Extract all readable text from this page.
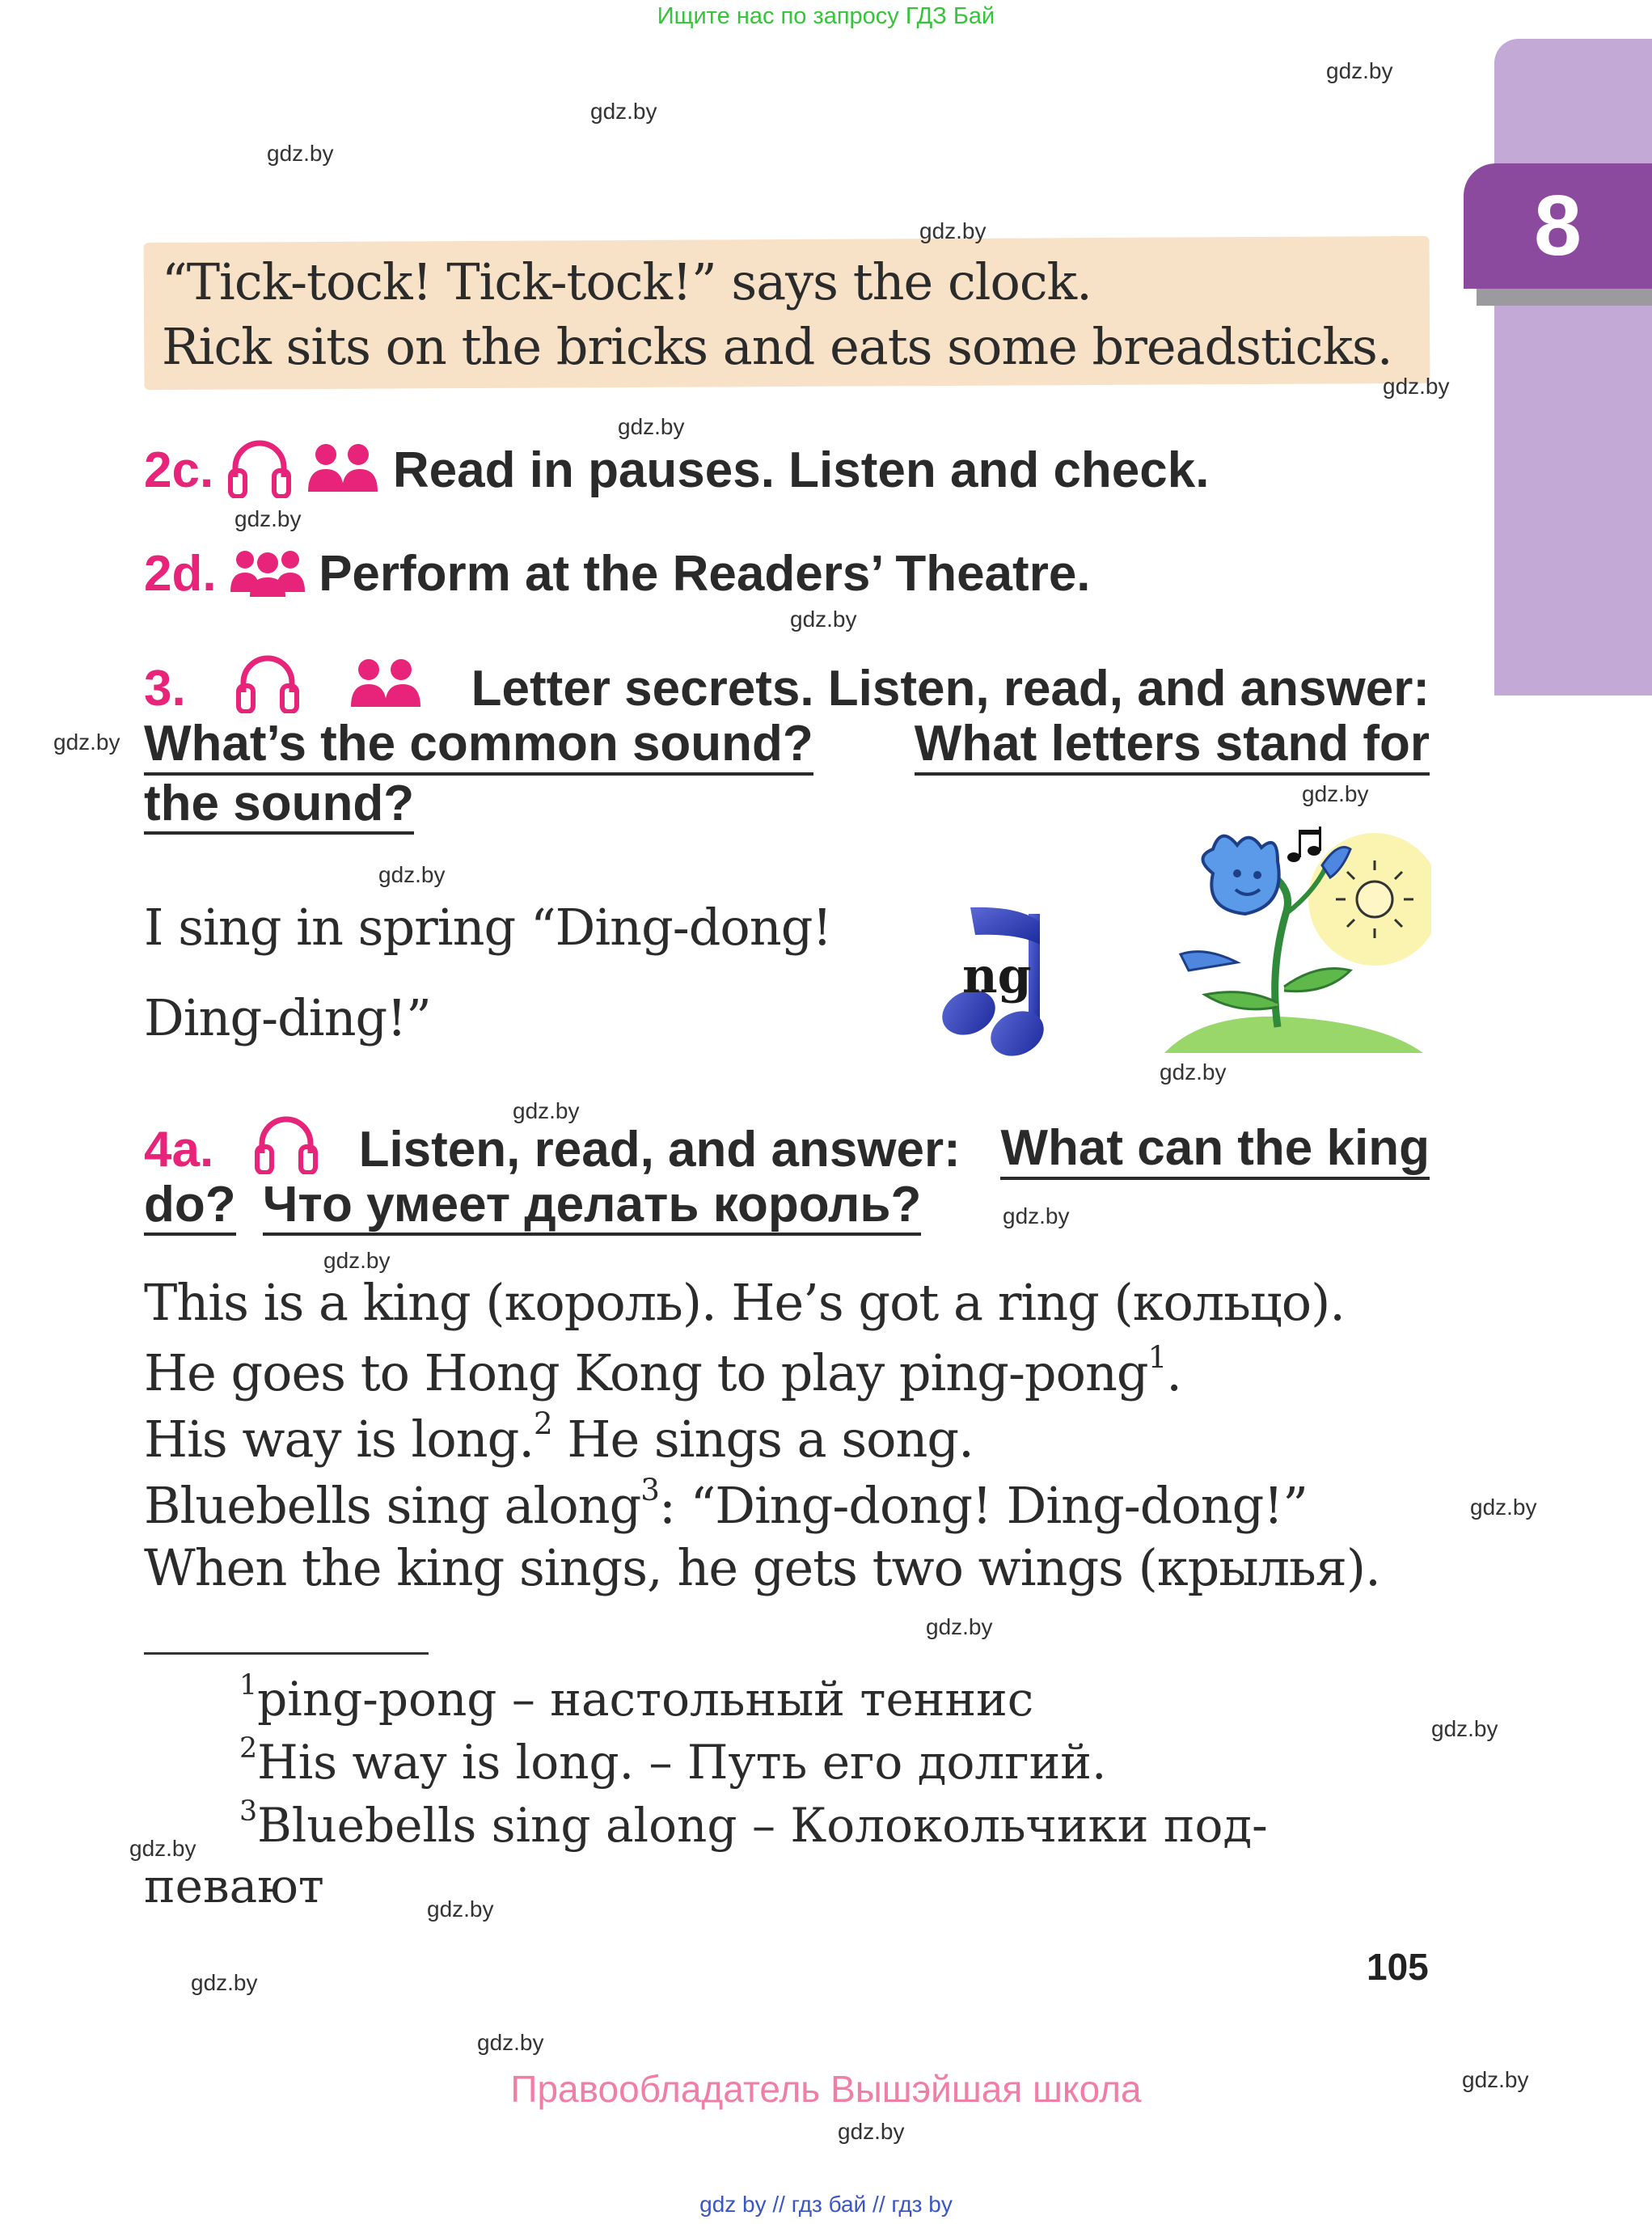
Ищите нас по запросу ГДЗ Бай
8
“Tick-tock! Tick-tock!” says the clock.
Rick sits on the bricks and eats some breadsticks.
2c.	Read in pauses. Listen and check.
2d. Perform at the Readers’ Theatre.
3.	Letter secrets. Listen, read, and answer:
What’s the common sound? What letters stand for
the sound?
I sing in spring “Ding-dong!
Ding-ding!”
ng
4a.	Listen, read, and answer: What can the king
do? Что умеет делать король?
This is a king (король). He’s got a ring (кольцо).
He goes to Hong Kong to play ping-pong$^1$.
His way is long.$^2$ He sings a song.
Bluebells sing along$^3$: “Ding-dong! Ding-dong!”
When the king sings, he gets two wings (крылья).
$^1$ping-pong – настольный теннис
$^2$His way is long. – Путь его долгий.
$^3$Bluebells sing along – Колокольчики под-
певают
105
Правообладатель Вышэйшая школа
gdz by // гдз бай // гдз by
gdz.by
gdz.by
gdz.by
gdz.by
gdz.by
gdz.by
gdz.by
gdz.by
gdz.by
gdz.by
gdz.by
gdz.by
gdz.by
gdz.by
gdz.by
gdz.by
gdz.by
gdz.by
gdz.by
gdz.by
gdz.by
gdz.by
gdz.by
gdz.by
